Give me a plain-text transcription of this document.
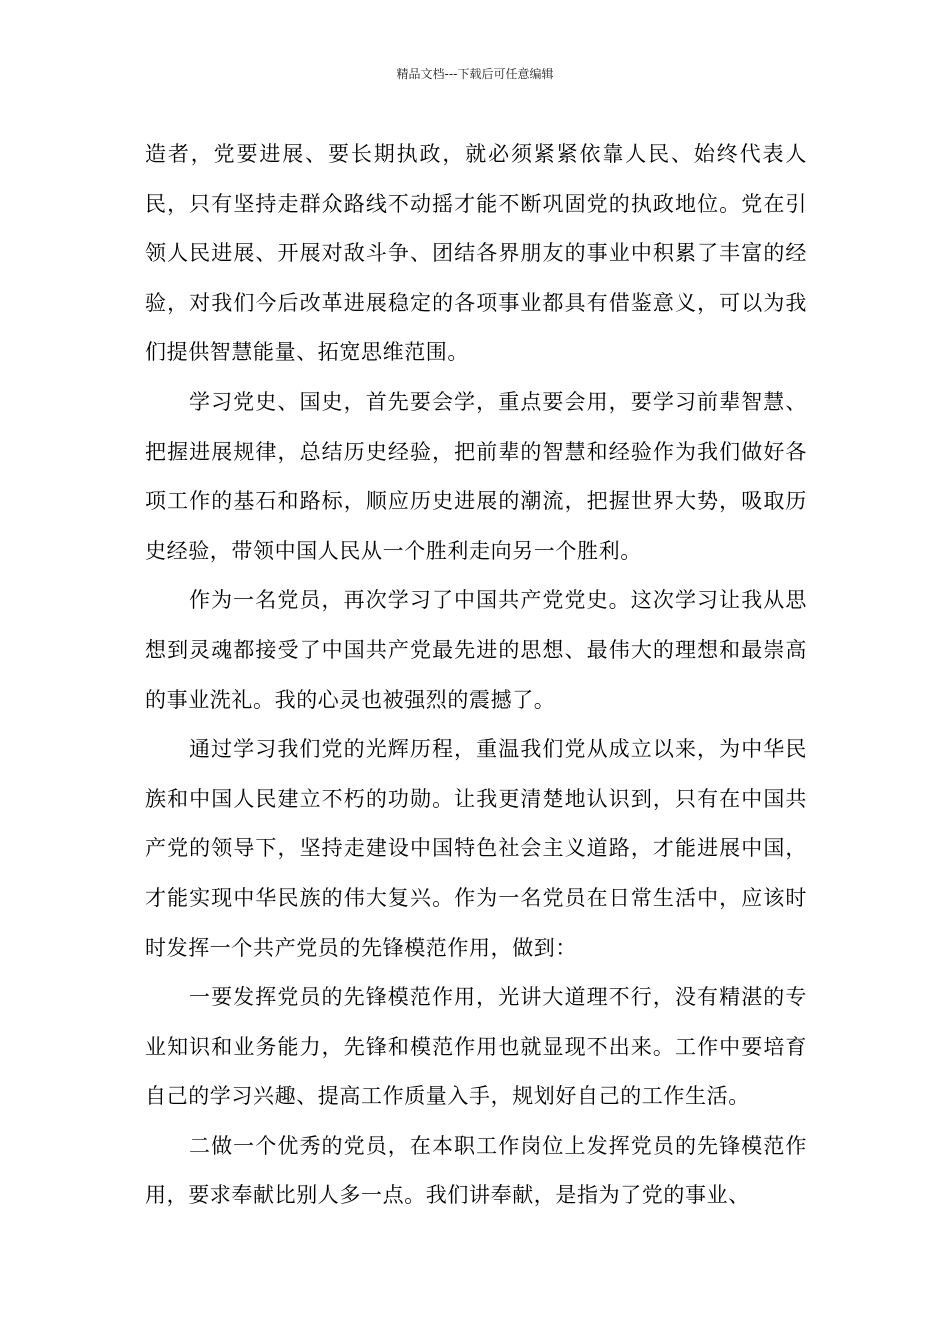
精品文档---下载后可任意编辑

造者，党要进展、要长期执政，就必须紧紧依靠人民、始终代表人民，只有坚持走群众路线不动摇才能不断巩固党的执政地位。党在引领人民进展、开展对敌斗争、团结各界朋友的事业中积累了丰富的经验，对我们今后改革进展稳定的各项事业都具有借鉴意义，可以为我们提供智慧能量、拓宽思维范围。

学习党史、国史，首先要会学，重点要会用，要学习前辈智慧、把握进展规律，总结历史经验，把前辈的智慧和经验作为我们做好各项工作的基石和路标，顺应历史进展的潮流，把握世界大势，吸取历史经验，带领中国人民从一个胜利走向另一个胜利。

作为一名党员，再次学习了中国共产党党史。这次学习让我从思想到灵魂都接受了中国共产党最先进的思想、最伟大的理想和最崇高的事业洗礼。我的心灵也被强烈的震撼了。

通过学习我们党的光辉历程，重温我们党从成立以来，为中华民族和中国人民建立不朽的功勋。让我更清楚地认识到，只有在中国共产党的领导下，坚持走建设中国特色社会主义道路，才能进展中国，才能实现中华民族的伟大复兴。作为一名党员在日常生活中，应该时时发挥一个共产党员的先锋模范作用，做到：

一要发挥党员的先锋模范作用，光讲大道理不行，没有精湛的专业知识和业务能力，先锋和模范作用也就显现不出来。工作中要培育自己的学习兴趣、提高工作质量入手，规划好自己的工作生活。

二做一个优秀的党员，在本职工作岗位上发挥党员的先锋模范作用，要求奉献比别人多一点。我们讲奉献，是指为了党的事业、
